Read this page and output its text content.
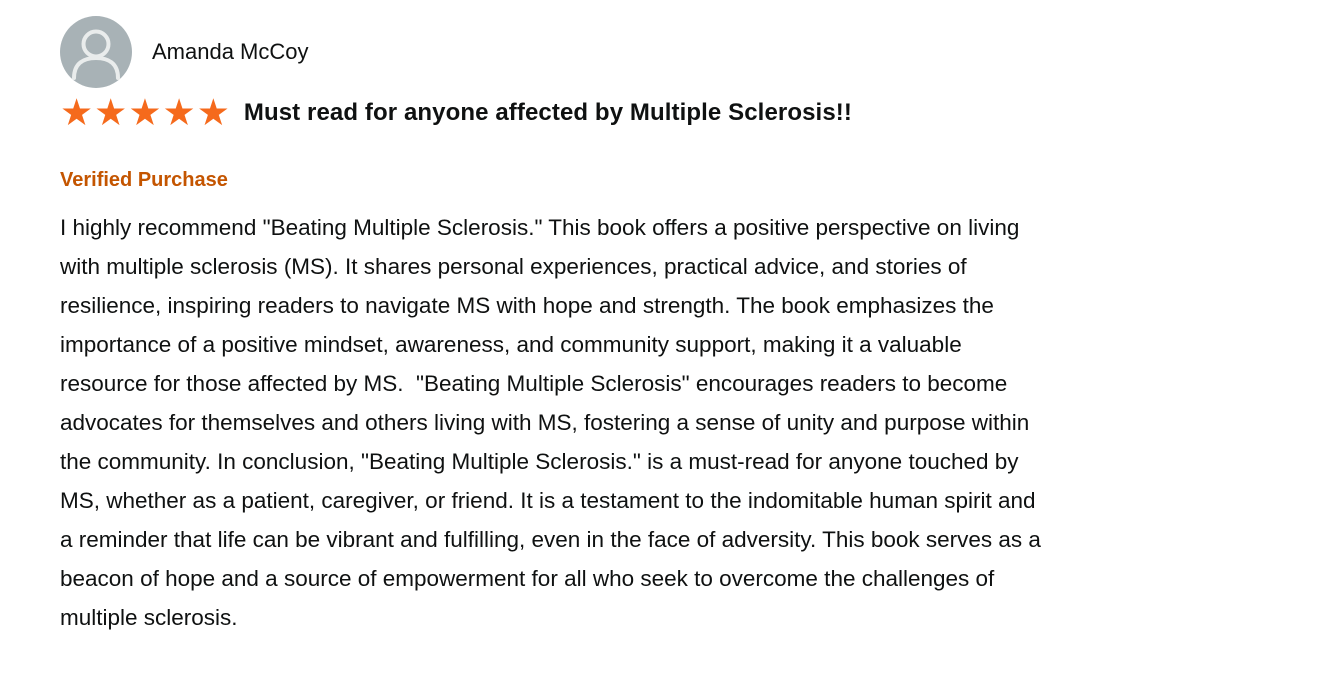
Amanda McCoy
★ ★ ★ ★ ★ Must read for anyone affected by Multiple Sclerosis!!
Verified Purchase
I highly recommend "Beating Multiple Sclerosis." This book offers a positive perspective on living
with multiple sclerosis (MS). It shares personal experiences, practical advice, and stories of
resilience, inspiring readers to navigate MS with hope and strength. The book emphasizes the
importance of a positive mindset, awareness, and community support, making it a valuable
resource for those affected by MS.  "Beating Multiple Sclerosis" encourages readers to become
advocates for themselves and others living with MS, fostering a sense of unity and purpose within
the community. In conclusion, "Beating Multiple Sclerosis." is a must-read for anyone touched by
MS, whether as a patient, caregiver, or friend. It is a testament to the indomitable human spirit and
a reminder that life can be vibrant and fulfilling, even in the face of adversity. This book serves as a
beacon of hope and a source of empowerment for all who seek to overcome the challenges of
multiple sclerosis.
